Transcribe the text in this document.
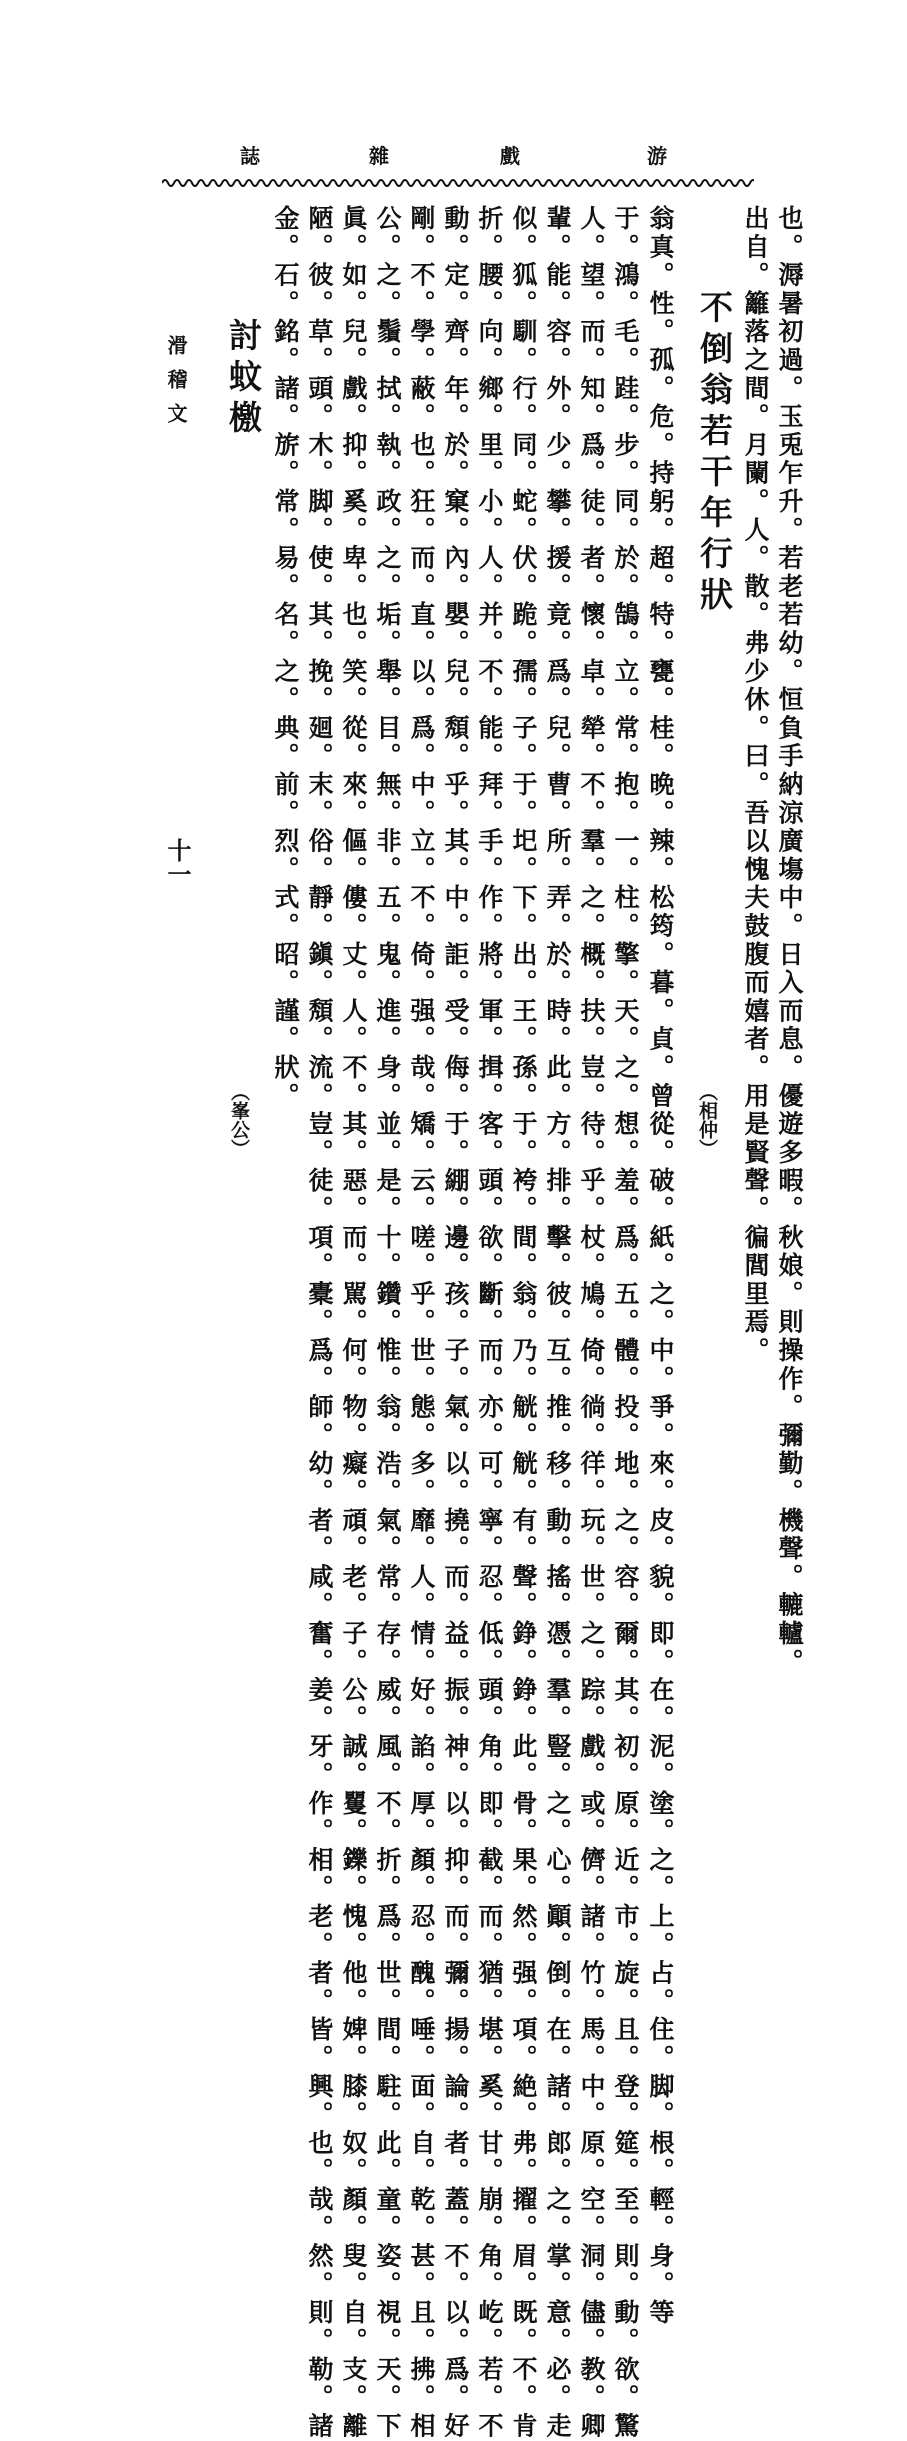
游
戲
雜
誌
也。溽暑初過。玉兎乍升。若老若幼。恒負手納涼廣塲中。日入而息。優遊多暇。秋娘。則操作。彌勤。機聲。轆轤。
出自。籬落之間。月闌。人。散。弗少休。曰。吾以愧夫鼓腹而嬉者。用是賢聲。徧閭里焉。
不倒翁若干年行狀
（相仲）
翁真。性。孤。危。持躬。超。特。甕。桂。晩。辣。松筠。暮。貞。曾從。破。紙。之。中。爭。來。皮。貌。即。在。泥。塗。之。上。占。住。脚。根。輕。身。等
于。鴻。毛。跬。步。同。於。鵠。立。常。抱。一。柱。擎。天。之。想。羞。爲。五。體。投。地。之。容。爾。其。初。原。近。市。旋。且。登。筵。至。則。動。欲。驚
人。望。而。知。爲。徒。者。懷。卓。犖。不。羣。之。概。扶。豈。待。乎。杖。鳩。倚。徜。徉。玩。世。之。踪。戲。或。儕。諸。竹。馬。中。原。空。洞。儘。教。卿
輩。能。容。外。少。攀。援。竟。爲。兒。曹。所。弄。於。時。此。方。排。擊。彼。互。推。移。動。搖。憑。羣。豎。之。心。顚。倒。在。諸。郎。之。掌。意。必。走
似。狐。馴。行。同。蛇。伏。跪。孺。子。于。圯。下。出。王。孫。于。袴。間。翁。乃。觥。觥。有。聲。錚。錚。此。骨。果。然。强。項。絶。弗。擢。眉。既。不。肯
折。腰。向。鄉。里。小。人。并。不。能。拜。手。作。將。軍。揖。客。頭。欲。斷。而。亦。可。寧。忍。低。頭。角。即。截。而。猶。堪。奚。甘。崩。角。屹。若。不
動。定。齊。年。於。窠。內。嬰。兒。頽。乎。其。中。詎。受。侮。于。綳。邊。孩。子。氣。以。撓。而。益。振。神。以。抑。而。彌。揚。論。者。蓋。不。以。爲。好
剛。不。學。蔽。也。狂。而。直。以。爲。中。立。不。倚。强。哉。矯。云。嗟。乎。世。態。多。靡。人。情。好。諂。厚。顏。忍。醜。唾。面。自。乾。甚。且。拂。相
公。之。鬚。拭。執。政。之。垢。舉。目。無。非。五。鬼。進。身。並。是。十。鑽。惟。翁。浩。氣。常。存。威。風。不。折。爲。世。間。駐。此。童。姿。視。天。下
眞。如。兒。戲。抑。奚。卑。也。笑。從。來。傴。僂。丈。人。不。其。惡。而。駡。何。物。癡。頑。老。子。公。誠。矍。鑠。愧。他。婢。膝。奴。顏。叟。自。支。離
陋。彼。草。頭。木。脚。使。其。挽。廻。末。俗。靜。鎭。頽。流。豈。徒。項。橐。爲。師。幼。者。咸。奮。姜。牙。作。相。老。者。皆。興。也。哉。然。則。勒。諸
金。石。銘。諸。旂。常。易。名。之。典。前。烈。式。昭。謹。狀。
討蚊檄
（峯公）
滑稽文
十一
